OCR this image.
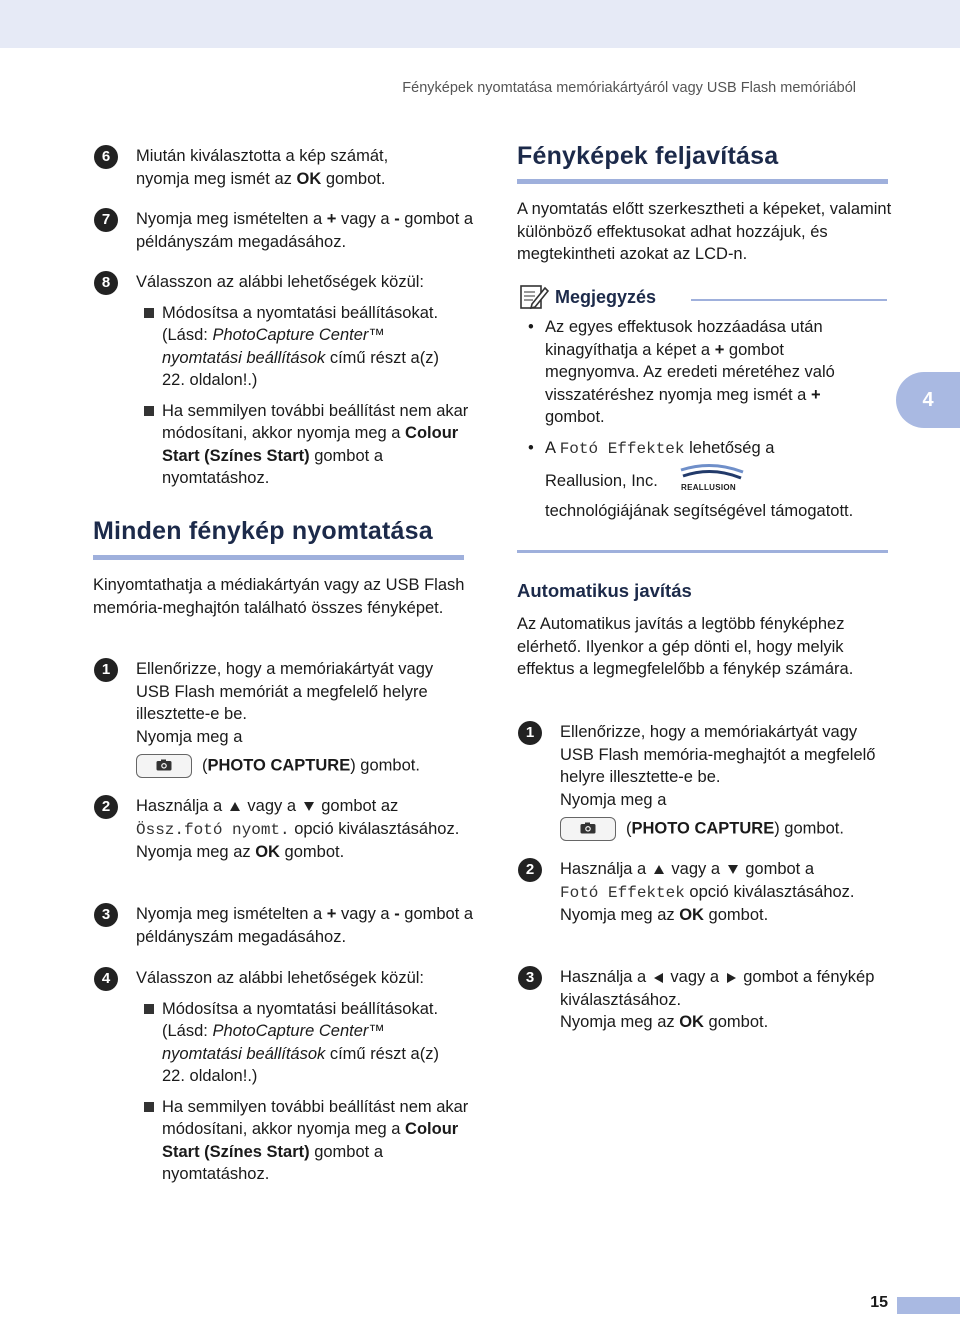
Fényképek nyomtatása memóriakártyáról vagy USB Flash memóriából
6	Miután kiválasztotta a kép számát,
nyomja meg ismét az OK gombot.
7	Nyomja meg ismételten a + vagy a - gombot a példányszám megadásához.
8	Válasszon az alábbi lehetőségek közül:
Módosítsa a nyomtatási beállításokat. (Lásd: PhotoCapture Center™ nyomtatási beállítások című részt a(z) 22. oldalon!.)
Ha semmilyen további beállítást nem akar módosítani, akkor nyomja meg a Colour Start (Színes Start) gombot a nyomtatáshoz.
Minden fénykép nyomtatása
Kinyomtathatja a médiakártyán vagy az USB Flash memória-meghajtón található összes fényképet.
1	Ellenőrizze, hogy a memóriakártyát vagy USB Flash memóriát a megfelelő helyre illesztette-e be.
Nyomja meg a
(PHOTO CAPTURE) gombot.
2	Használja a vagy a gombot az
Össz.fotó nyomt. opció kiválasztásához.
Nyomja meg az OK gombot.
3	Nyomja meg ismételten a + vagy a - gombot a példányszám megadásához.
4	Válasszon az alábbi lehetőségek közül:
Módosítsa a nyomtatási beállításokat. (Lásd: PhotoCapture Center™ nyomtatási beállítások című részt a(z) 22. oldalon!.)
Ha semmilyen további beállítást nem akar módosítani, akkor nyomja meg a Colour Start (Színes Start) gombot a nyomtatáshoz.
Fényképek feljavítása
A nyomtatás előtt szerkesztheti a képeket, valamint különböző effektusokat adhat hozzájuk, és megtekintheti azokat az LCD-n.
Megjegyzés
• Az egyes effektusok hozzáadása után kinagyíthatja a képet a + gombot megnyomva. Az eredeti méretéhez való visszatéréshez nyomja meg ismét a + gombot.
• A Fotó Effektek lehetőség a
Reallusion, Inc.	REALLUSION
technológiájának segítségével támogatott.
Automatikus javítás
Az Automatikus javítás a legtöbb fényképhez elérhető. Ilyenkor a gép dönti el, hogy melyik effektus a legmegfelelőbb a fénykép számára.
1	Ellenőrizze, hogy a memóriakártyát vagy USB Flash memória-meghajtót a megfelelő helyre illesztette-e be.
Nyomja meg a
(PHOTO CAPTURE) gombot.
2	Használja a vagy a gombot a
Fotó Effektek opció kiválasztásához.
Nyomja meg az OK gombot.
3	Használja a vagy a gombot a fénykép kiválasztásához.
Nyomja meg az OK gombot.
4
15
